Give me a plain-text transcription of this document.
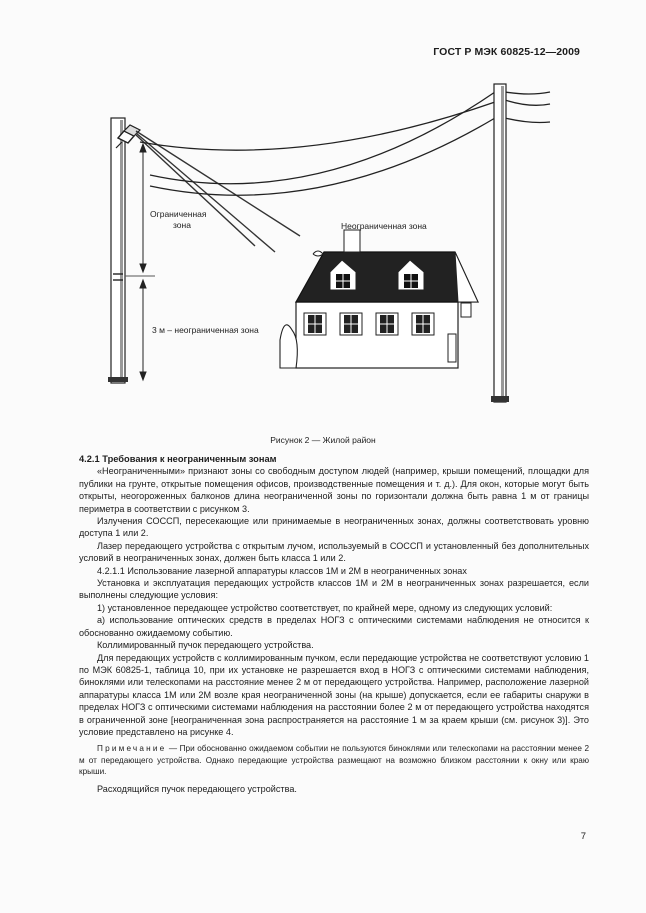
ГОСТ Р МЭК 60825-12—2009
Ограниченная
зона	Неограниченная зона
3 м – неограниченная зона
Рисунок 2 — Жилой район
4.2.1 Требования к неограниченным зонам

«Неограниченными» признают зоны со свободным доступом людей (например, крыши помещений, площадки для публики на грунте, открытые помещения офисов, производственные помещения и т. д.). Для окон, которые могут быть открыты, неогороженных балконов длина неограниченной зоны по горизонтали должна быть равна 1 м от границы периметра в соответствии с рисунком 3.

Излучения СОССП, пересекающие или принимаемые в неограниченных зонах, должны соответствовать уровню доступа 1 или 2.

Лазер передающего устройства с открытым лучом, используемый в СОССП и установленный без дополнительных условий в неограниченных зонах, должен быть класса 1 или 2.

4.2.1.1 Использование лазерной аппаратуры классов 1М и 2М в неограниченных зонах

Установка и эксплуатация передающих устройств классов 1М и 2М в неограниченных зонах разрешается, если выполнены следующие условия:

1) установленное передающее устройство соответствует, по крайней мере, одному из следующих условий:

а) использование оптических средств в пределах НОГЗ с оптическими системами наблюдения не относится к обоснованно ожидаемому событию.

Коллимированный пучок передающего устройства.

Для передающих устройств с коллимированным пучком, если передающие устройства не соответствуют условию 1 по МЭК 60825-1, таблица 10, при их установке не разрешается вход в НОГЗ с оптическими системами наблюдения, биноклями или телескопами на расстояние менее 2 м от передающего устройства. Например, расположение лазерной аппаратуры класса 1М или 2М возле края неограниченной зоны (на крыше) допускается, если ее габариты снаружи в пределах НОГЗ с оптическими системами наблюдения на расстоянии более 2 м от передающего устройства находятся в ограниченной зоне [неограниченная зона распространяется на расстояние 1 м за краем крыши (см. рисунок 3)]. Это условие представлено на рисунке 4.

Примечание — При обоснованно ожидаемом событии не пользуются биноклями или телескопами на расстоянии менее 2 м от передающего устройства. Однако передающие устройства размещают на возможно близком расстоянии к окну или краю крыши.

Расходящийся пучок передающего устройства.

7
